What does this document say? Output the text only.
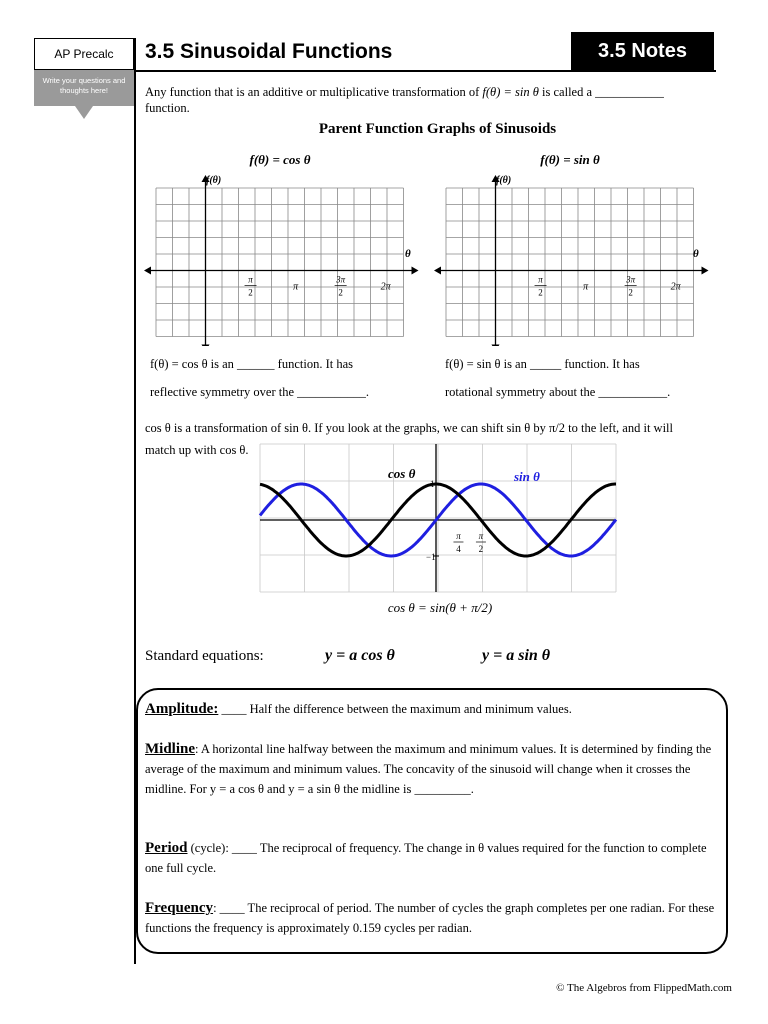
AP Precalc
Write your questions and thoughts here!
3.5 Sinusoidal Functions	3.5 Notes
Any function that is an additive or multiplicative transformation of f(θ) = sin θ is called a ___________
function.
Parent Function Graphs of Sinusoids
f(θ) = cos θ	f(θ) = sin θ
f(θ)
θ
π
2	π
3π
2	2π
f(θ)
θ
π
2	π
3π
2	2π
f(θ) = cos θ is an ______ function. It has
reflective symmetry over the ___________.
f(θ) = sin θ is an _____ function. It has
rotational symmetry about the ___________.
cos θ is a transformation of sin θ. If you look at the graphs, we can shift sin θ by π/2 to the left, and it will
match up with cos θ.
cos θ	sin θ
1
−1
π
4
π
2
cos θ = sin(θ + π/2)
Standard equations:	y = a cos θ	y = a sin θ
Amplitude: ____ Half the difference between the maximum and minimum values.
Midline: A horizontal line halfway between the maximum and minimum values. It is determined by finding the average of the maximum and minimum values. The concavity of the sinusoid will change when it crosses the midline. For y = a cos θ and y = a sin θ the midline is _________.
Period (cycle): ____ The reciprocal of frequency. The change in θ values required for the function to complete one full cycle.
Frequency: ____ The reciprocal of period. The number of cycles the graph completes per one radian. For these functions the frequency is approximately 0.159 cycles per radian.
© The Algebros from FlippedMath.com
